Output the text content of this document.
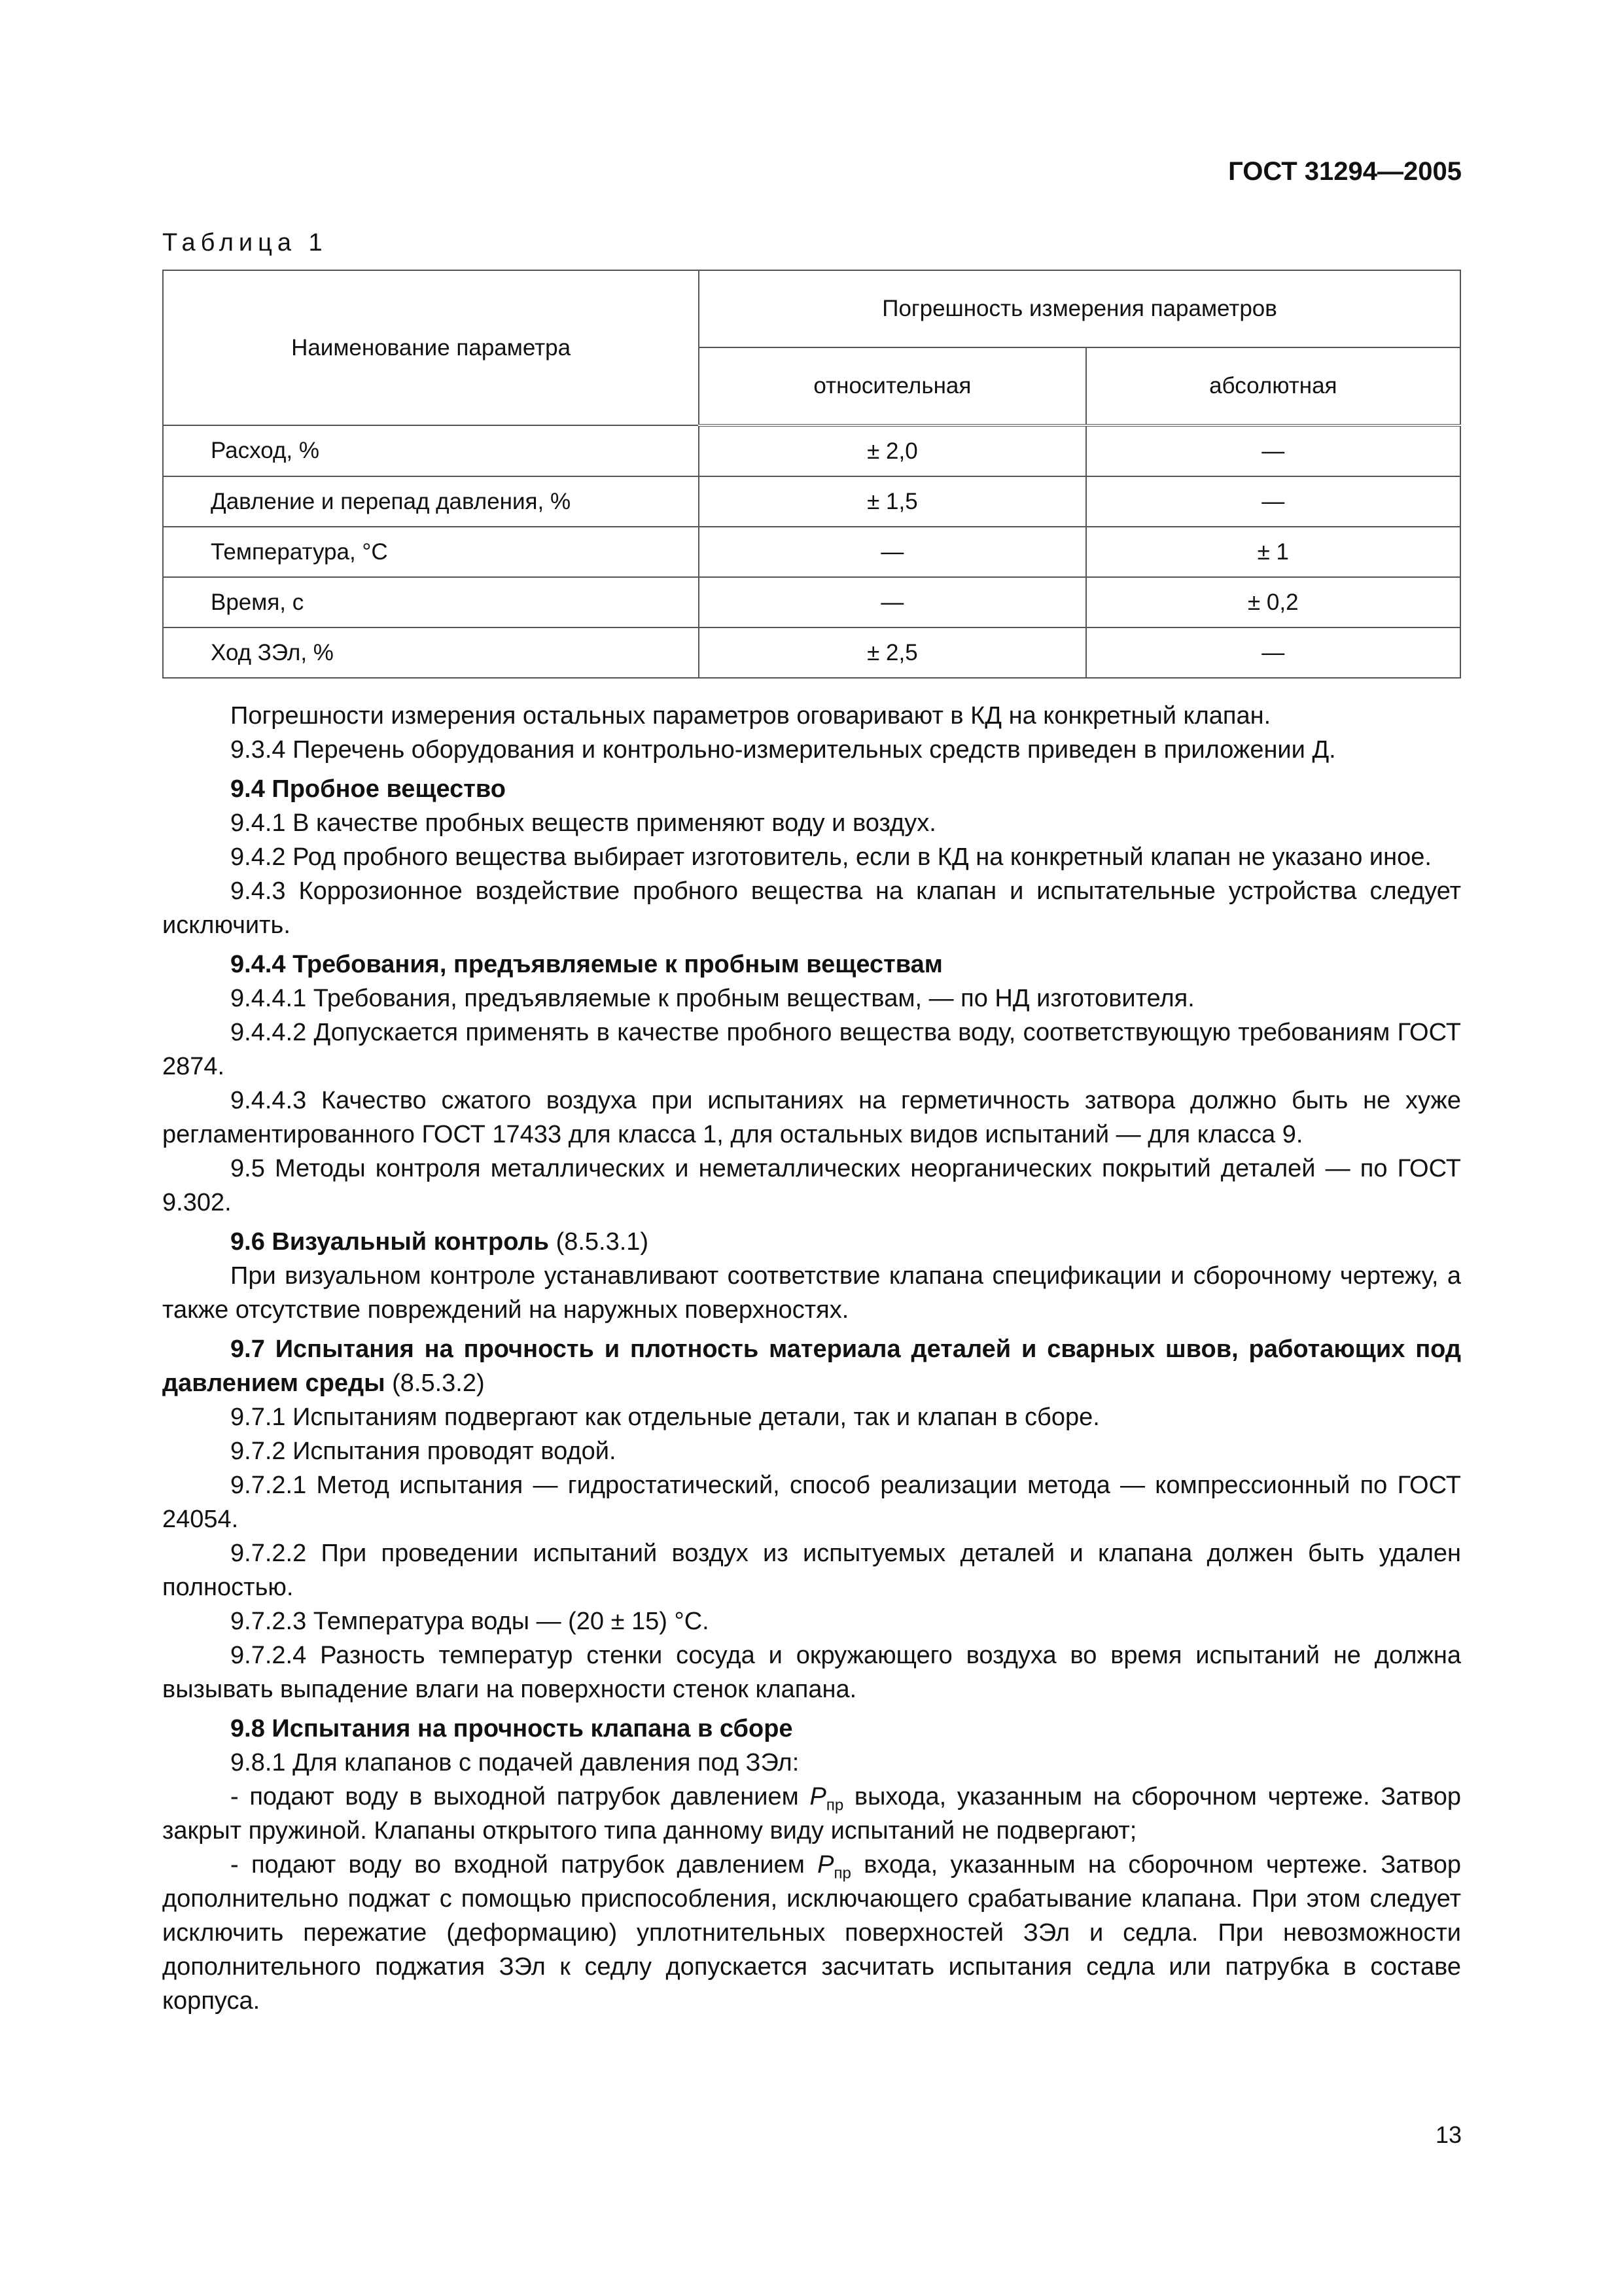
ГОСТ 31294—2005
Таблица 1
Наименование параметра	Погрешность измерения параметров	
	относительная	абсолютная
Расход, %	± 2,0	—
Давление и перепад давления, %	± 1,5	—
Температура, °С	—	± 1
Время, с	—	± 0,2
Ход ЗЭл, %	± 2,5	—

Погрешности измерения остальных параметров оговаривают в КД на конкретный клапан.

9.3.4 Перечень оборудования и контрольно-измерительных средств приведен в приложении Д.

9.4 Пробное вещество

9.4.1 В качестве пробных веществ применяют воду и воздух.

9.4.2 Род пробного вещества выбирает изготовитель, если в КД на конкретный клапан не указано иное.

9.4.3 Коррозионное воздействие пробного вещества на клапан и испытательные устройства следует исключить.

9.4.4 Требования, предъявляемые к пробным веществам

9.4.4.1 Требования, предъявляемые к пробным веществам, — по НД изготовителя.

9.4.4.2 Допускается применять в качестве пробного вещества воду, соответствующую требованиям ГОСТ 2874.

9.4.4.3 Качество сжатого воздуха при испытаниях на герметичность затвора должно быть не хуже регламентированного ГОСТ 17433 для класса 1, для остальных видов испытаний — для класса 9.

9.5 Методы контроля металлических и неметаллических неорганических покрытий деталей — по ГОСТ 9.302.

9.6 Визуальный контроль (8.5.3.1)

При визуальном контроле устанавливают соответствие клапана спецификации и сборочному чертежу, а также отсутствие повреждений на наружных поверхностях.

9.7 Испытания на прочность и плотность материала деталей и сварных швов, работающих под давлением среды (8.5.3.2)

9.7.1 Испытаниям подвергают как отдельные детали, так и клапан в сборе.

9.7.2 Испытания проводят водой.

9.7.2.1 Метод испытания — гидростатический, способ реализации метода — компрессионный по ГОСТ 24054.

9.7.2.2 При проведении испытаний воздух из испытуемых деталей и клапана должен быть удален полностью.

9.7.2.3 Температура воды — (20 ± 15) °С.

9.7.2.4 Разность температур стенки сосуда и окружающего воздуха во время испытаний не должна вызывать выпадение влаги на поверхности стенок клапана.

9.8 Испытания на прочность клапана в сборе

9.8.1 Для клапанов с подачей давления под ЗЭл:

- подают воду в выходной патрубок давлением $P_{пр}$ выхода, указанным на сборочном чертеже. Затвор закрыт пружиной. Клапаны открытого типа данному виду испытаний не подвергают;

- подают воду во входной патрубок давлением $P_{пр}$ входа, указанным на сборочном чертеже. Затвор дополнительно поджат с помощью приспособления, исключающего срабатывание клапана. При этом следует исключить пережатие (деформацию) уплотнительных поверхностей ЗЭл и седла. При невозможности дополнительного поджатия ЗЭл к седлу допускается засчитать испытания седла или патрубка в составе корпуса.

13
